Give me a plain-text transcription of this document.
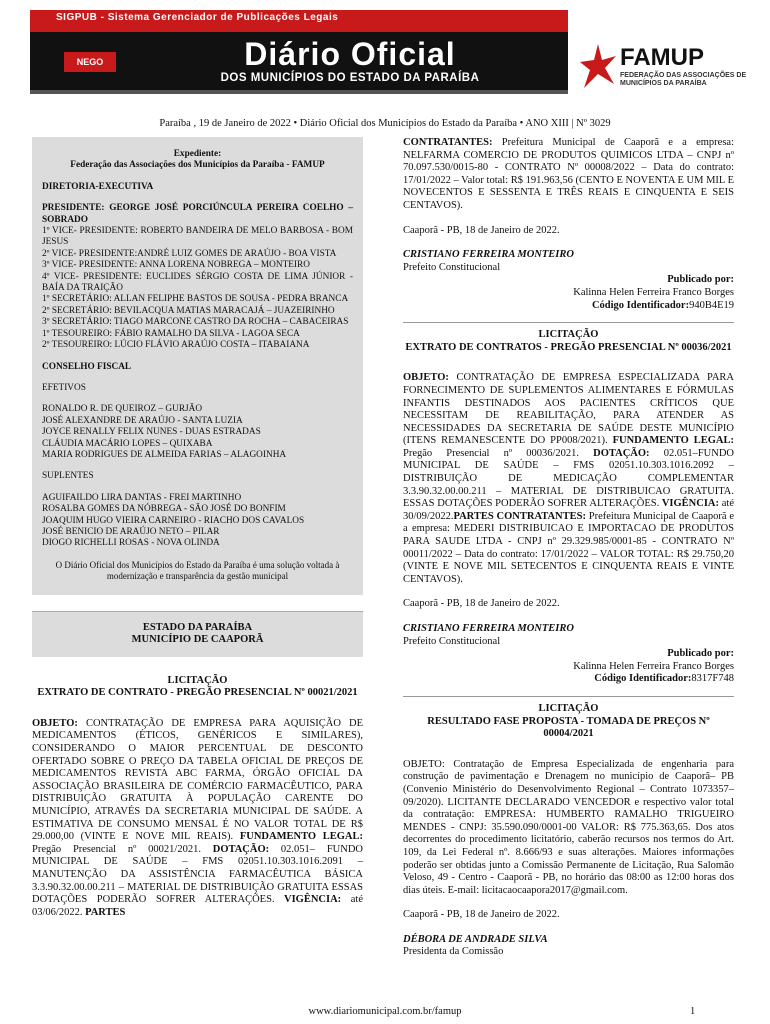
SIGPUB - Sistema Gerenciador de Publicações Legais
NEGO	Diário Oficial
DOS MUNICÍPIOS DO ESTADO DA PARAÍBA
FAMUP
FEDERAÇÃO DAS ASSOCIAÇÕES DE MUNICÍPIOS DA PARAÍBA
Paraíba , 19 de Janeiro de 2022 • Diário Oficial dos Municípios do Estado da Paraíba • ANO XIII | Nº 3029

Expediente:

Federação das Associações dos Municípios da Paraíba - FAMUP

DIRETORIA-EXECUTIVA

PRESIDENTE: GEORGE JOSÉ PORCIÚNCULA PEREIRA COELHO – SOBRADO

1º VICE- PRESIDENTE: ROBERTO BANDEIRA DE MELO BARBOSA - BOM JESUS

2º VICE- PRESIDENTE:ANDRÉ LUIZ GOMES DE ARAÚJO - BOA VISTA

3º VICE- PRESIDENTE: ANNA LORENA NOBREGA – MONTEIRO

4º VICE- PRESIDENTE: EUCLIDES SÉRGIO COSTA DE LIMA JÚNIOR - BAÍA DA TRAIÇÃO

1º SECRETÁRIO: ALLAN FELIPHE BASTOS DE SOUSA - PEDRA BRANCA

2º SECRETÁRIO: BEVILACQUA MATIAS MARACAJÁ – JUAZEIRINHO

3º SECRETÁRIO: TIAGO MARCONE CASTRO DA ROCHA – CABACEIRAS

1º TESOUREIRO: FÁBIO RAMALHO DA SILVA - LAGOA SECA

2º TESOUREIRO: LÚCIO FLÁVIO ARAÚJO COSTA – ITABAIANA

CONSELHO FISCAL

EFETIVOS

RONALDO R. DE QUEIROZ – GURJÃO

JOSÉ ALEXANDRE DE ARAÚJO - SANTA LUZIA

JOYCE RENALLY FELIX NUNES - DUAS ESTRADAS

CLÁUDIA MACÁRIO LOPES – QUIXABA

MARIA RODRIGUES DE ALMEIDA FARIAS – ALAGOINHA

SUPLENTES

AGUIFAILDO LIRA DANTAS - FREI MARTINHO

ROSALBA GOMES DA NÓBREGA - SÃO JOSÉ DO BONFIM

JOAQUIM HUGO VIEIRA CARNEIRO - RIACHO DOS CAVALOS

JOSÉ BENICIO DE ARAÚJO NETO – PILAR

DIOGO RICHELLI ROSAS - NOVA OLINDA

O Diário Oficial dos Municípios do Estado da Paraíba é uma solução voltada à modernização e transparência da gestão municipal

ESTADO DA PARAÍBA
MUNICÍPIO DE CAAPORÃ
LICITAÇÃO
EXTRATO DE CONTRATO - PREGÃO PRESENCIAL Nº 00021/2021

OBJETO: CONTRATAÇÃO DE EMPRESA PARA AQUISIÇÃO DE MEDICAMENTOS (ÉTICOS, GENÉRICOS E SIMILARES), CONSIDERANDO O MAIOR PERCENTUAL DE DESCONTO OFERTADO SOBRE O PREÇO DA TABELA OFICIAL DE PREÇOS DE MEDICAMENTOS REVISTA ABC FARMA, ÓRGÃO OFICIAL DA ASSOCIAÇÃO BRASILEIRA DE COMÉRCIO FARMACÊUTICO, PARA DISTRIBUIÇÃO GRATUITA À POPULAÇÃO CARENTE DO MUNICÍPIO, ATRAVÉS DA SECRETARIA MUNICIPAL DE SAÚDE. A ESTIMATIVA DE CONSUMO MENSAL É NO VALOR TOTAL DE R$ 29.000,00 (VINTE E NOVE MIL REAIS). FUNDAMENTO LEGAL: Pregão Presencial nº 00021/2021. DOTAÇÃO: 02.051– FUNDO MUNICIPAL DE SAÚDE – FMS 02051.10.303.1016.2091 – MANUTENÇÃO DA ASSISTÊNCIA FARMACÊUTICA BÁSICA 3.3.90.32.00.00.211 – MATERIAL DE DISTRIBUIÇÃO GRATUITA ESSAS DOTAÇÕES PODERÃO SOFRER ALTERAÇÕES. VIGÊNCIA: até 03/06/2022. PARTES

CONTRATANTES: Prefeitura Municipal de Caaporã e a empresa: NELFARMA COMERCIO DE PRODUTOS QUIMICOS LTDA – CNPJ nº 70.097.530/0015-80 - CONTRATO Nº 00008/2022 – Data do contrato: 17/01/2022 – Valor total: R$ 191.963,56 (CENTO E NOVENTA E UM MIL E NOVECENTOS E SESSENTA E TRÊS REAIS E CINQUENTA E SEIS CENTAVOS).

Caaporã - PB, 18 de Janeiro de 2022.

CRISTIANO FERREIRA MONTEIRO

Prefeito Constitucional

Publicado por:

Kalinna Helen Ferreira Franco Borges

Código Identificador:940B4E19

LICITAÇÃO
EXTRATO DE CONTRATOS - PREGÃO PRESENCIAL Nº 00036/2021

OBJETO: CONTRATAÇÃO DE EMPRESA ESPECIALIZADA PARA FORNECIMENTO DE SUPLEMENTOS ALIMENTARES E FÓRMULAS INFANTIS DESTINADOS AOS PACIENTES CRÍTICOS QUE NECESSITAM DE REABILITAÇÃO, PARA ATENDER AS NECESSIDADES DA SECRETARIA DE SAÚDE DESTE MUNICÍPIO (ITENS REMANESCENTE DO PP008/2021). FUNDAMENTO LEGAL: Pregão Presencial nº 00036/2021. DOTAÇÃO: 02.051–FUNDO MUNICIPAL DE SAÚDE – FMS 02051.10.303.1016.2092 – DISTRIBUIÇÃO DE MEDICAÇÃO COMPLEMENTAR 3.3.90.32.00.00.211 – MATERIAL DE DISTRIBUICAO GRATUITA. ESSAS DOTAÇÕES PODERÃO SOFRER ALTERAÇÕES. VIGÊNCIA: até 30/09/2022.PARTES CONTRATANTES: Prefeitura Municipal de Caaporã e a empresa: MEDERI DISTRIBUICAO E IMPORTACAO DE PRODUTOS PARA SAUDE LTDA - CNPJ nº 29.329.985/0001-85 - CONTRATO Nº 00011/2022 – Data do contrato: 17/01/2022 – VALOR TOTAL: R$ 29.750,20 (VINTE E NOVE MIL SETECENTOS E CINQUENTA REAIS E VINTE CENTAVOS).

Caaporã - PB, 18 de Janeiro de 2022.

CRISTIANO FERREIRA MONTEIRO

Prefeito Constitucional

Publicado por:

Kalinna Helen Ferreira Franco Borges

Código Identificador:8317F748

LICITAÇÃO
RESULTADO FASE PROPOSTA - TOMADA DE PREÇOS Nº 00004/2021

OBJETO: Contratação de Empresa Especializada de engenharia para construção de pavimentação e Drenagem no município de Caaporã– PB (Convenio Ministério do Desenvolvimento Regional – Contrato 1073357–09/2020). LICITANTE DECLARADO VENCEDOR e respectivo valor total da contratação: EMPRESA: HUMBERTO RAMALHO TRIGUEIRO MENDES - CNPJ: 35.590.090/0001-00 VALOR: R$ 775.363,65. Dos atos decorrentes do procedimento licitatório, caberão recursos nos termos do Art. 109, da Lei Federal nº. 8.666/93 e suas alterações. Maiores informações poderão ser obtidas junto a Comissão Permanente de Licitação, Rua Salomão Veloso, 49 - Centro - Caaporã - PB, no horário das 08:00 as 12:00 horas dos dias úteis. E-mail: licitacaocaapora2017@gmail.com.

Caaporã - PB, 18 de Janeiro de 2022.

DÉBORA DE ANDRADE SILVA

Presidenta da Comissão

www.diariomunicipal.com.br/famup	1
